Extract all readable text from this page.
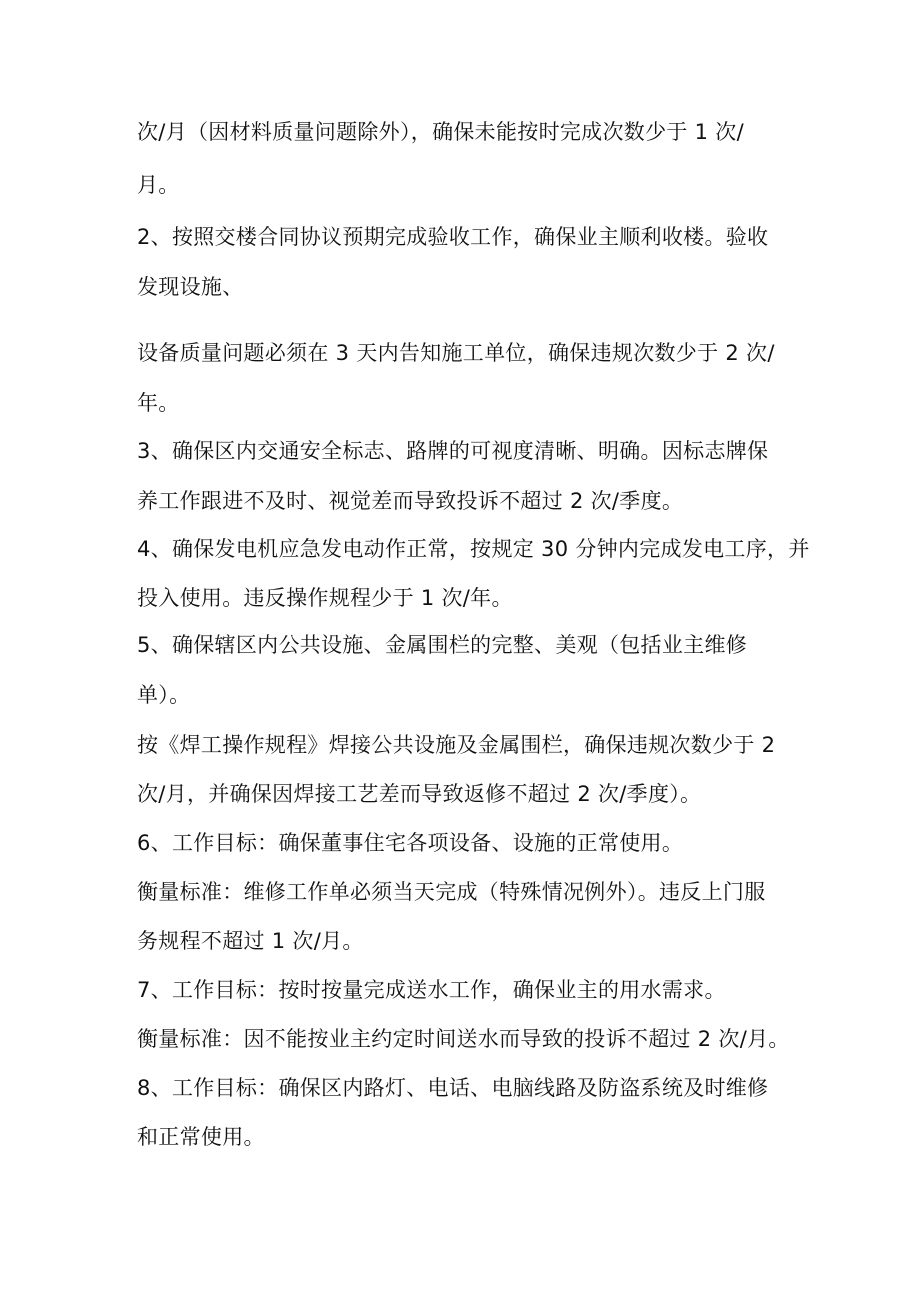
次/月（因材料质量问题除外），确保未能按时完成次数少于 1 次/

月。

2、按照交楼合同协议预期完成验收工作，确保业主顺利收楼。验收

发现设施、

设备质量问题必须在 3 天内告知施工单位，确保违规次数少于 2 次/

年。

3、确保区内交通安全标志、路牌的可视度清晰、明确。因标志牌保

养工作跟进不及时、视觉差而导致投诉不超过 2 次/季度。

4、确保发电机应急发电动作正常，按规定 30 分钟内完成发电工序，并

投入使用。违反操作规程少于 1 次/年。

5、确保辖区内公共设施、金属围栏的完整、美观（包括业主维修

单）。

按《焊工操作规程》焊接公共设施及金属围栏，确保违规次数少于 2

次/月，并确保因焊接工艺差而导致返修不超过 2 次/季度）。

6、工作目标：确保董事住宅各项设备、设施的正常使用。

衡量标准：维修工作单必须当天完成（特殊情况例外）。违反上门服

务规程不超过 1 次/月。

7、工作目标：按时按量完成送水工作，确保业主的用水需求。

衡量标准：因不能按业主约定时间送水而导致的投诉不超过 2 次/月。

8、工作目标：确保区内路灯、电话、电脑线路及防盗系统及时维修

和正常使用。
